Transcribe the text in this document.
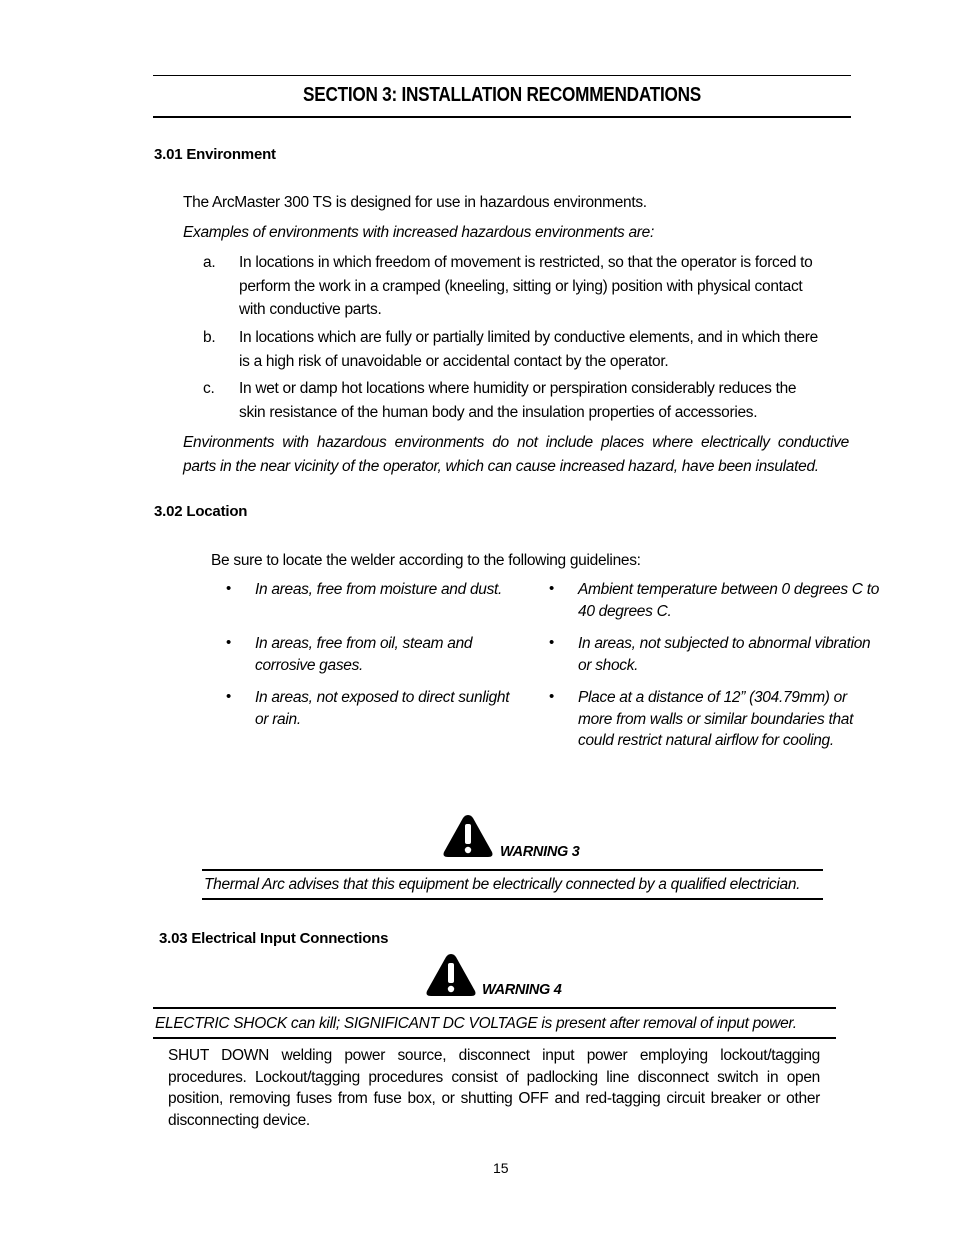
SECTION 3: INSTALLATION RECOMMENDATIONS
3.01 Environment
The ArcMaster 300 TS is designed for use in hazardous environments.
Examples of environments with increased hazardous environments are:
a.	In locations in which freedom of movement is restricted, so that the operator is forced to
perform the work in a cramped (kneeling, sitting or lying) position with physical contact
with conductive parts.
b.	In locations which are fully or partially limited by conductive elements, and in which there
is a high risk of unavoidable or accidental contact by the operator.
c.	In wet or damp hot locations where humidity or perspiration considerably reduces the
skin resistance of the human body and the insulation properties of accessories.
Environments with hazardous environments do not include places where electrically conductive
parts in the near vicinity of the operator, which can cause increased hazard, have been insulated.
3.02 Location
Be sure to locate the welder according to the following guidelines:
• In areas, free from moisture and dust.
• In areas, free from oil, steam and
corrosive gases.
• In areas, not exposed to direct sunlight
or rain.
• Ambient temperature between 0 degrees C to
40 degrees C.
• In areas, not subjected to abnormal vibration
or shock.
• Place at a distance of 12” (304.79mm) or
more from walls or similar boundaries that
could restrict natural airflow for cooling.
WARNING 3
Thermal Arc advises that this equipment be electrically connected by a qualified electrician.
3.03 Electrical Input Connections
WARNING 4
ELECTRIC SHOCK can kill; SIGNIFICANT DC VOLTAGE is present after removal of input power.
SHUT DOWN welding power source, disconnect input power employing lockout/tagging
procedures. Lockout/tagging procedures consist of padlocking line disconnect switch in open
position, removing fuses from fuse box, or shutting OFF and red-tagging circuit breaker or other
disconnecting device.
15
